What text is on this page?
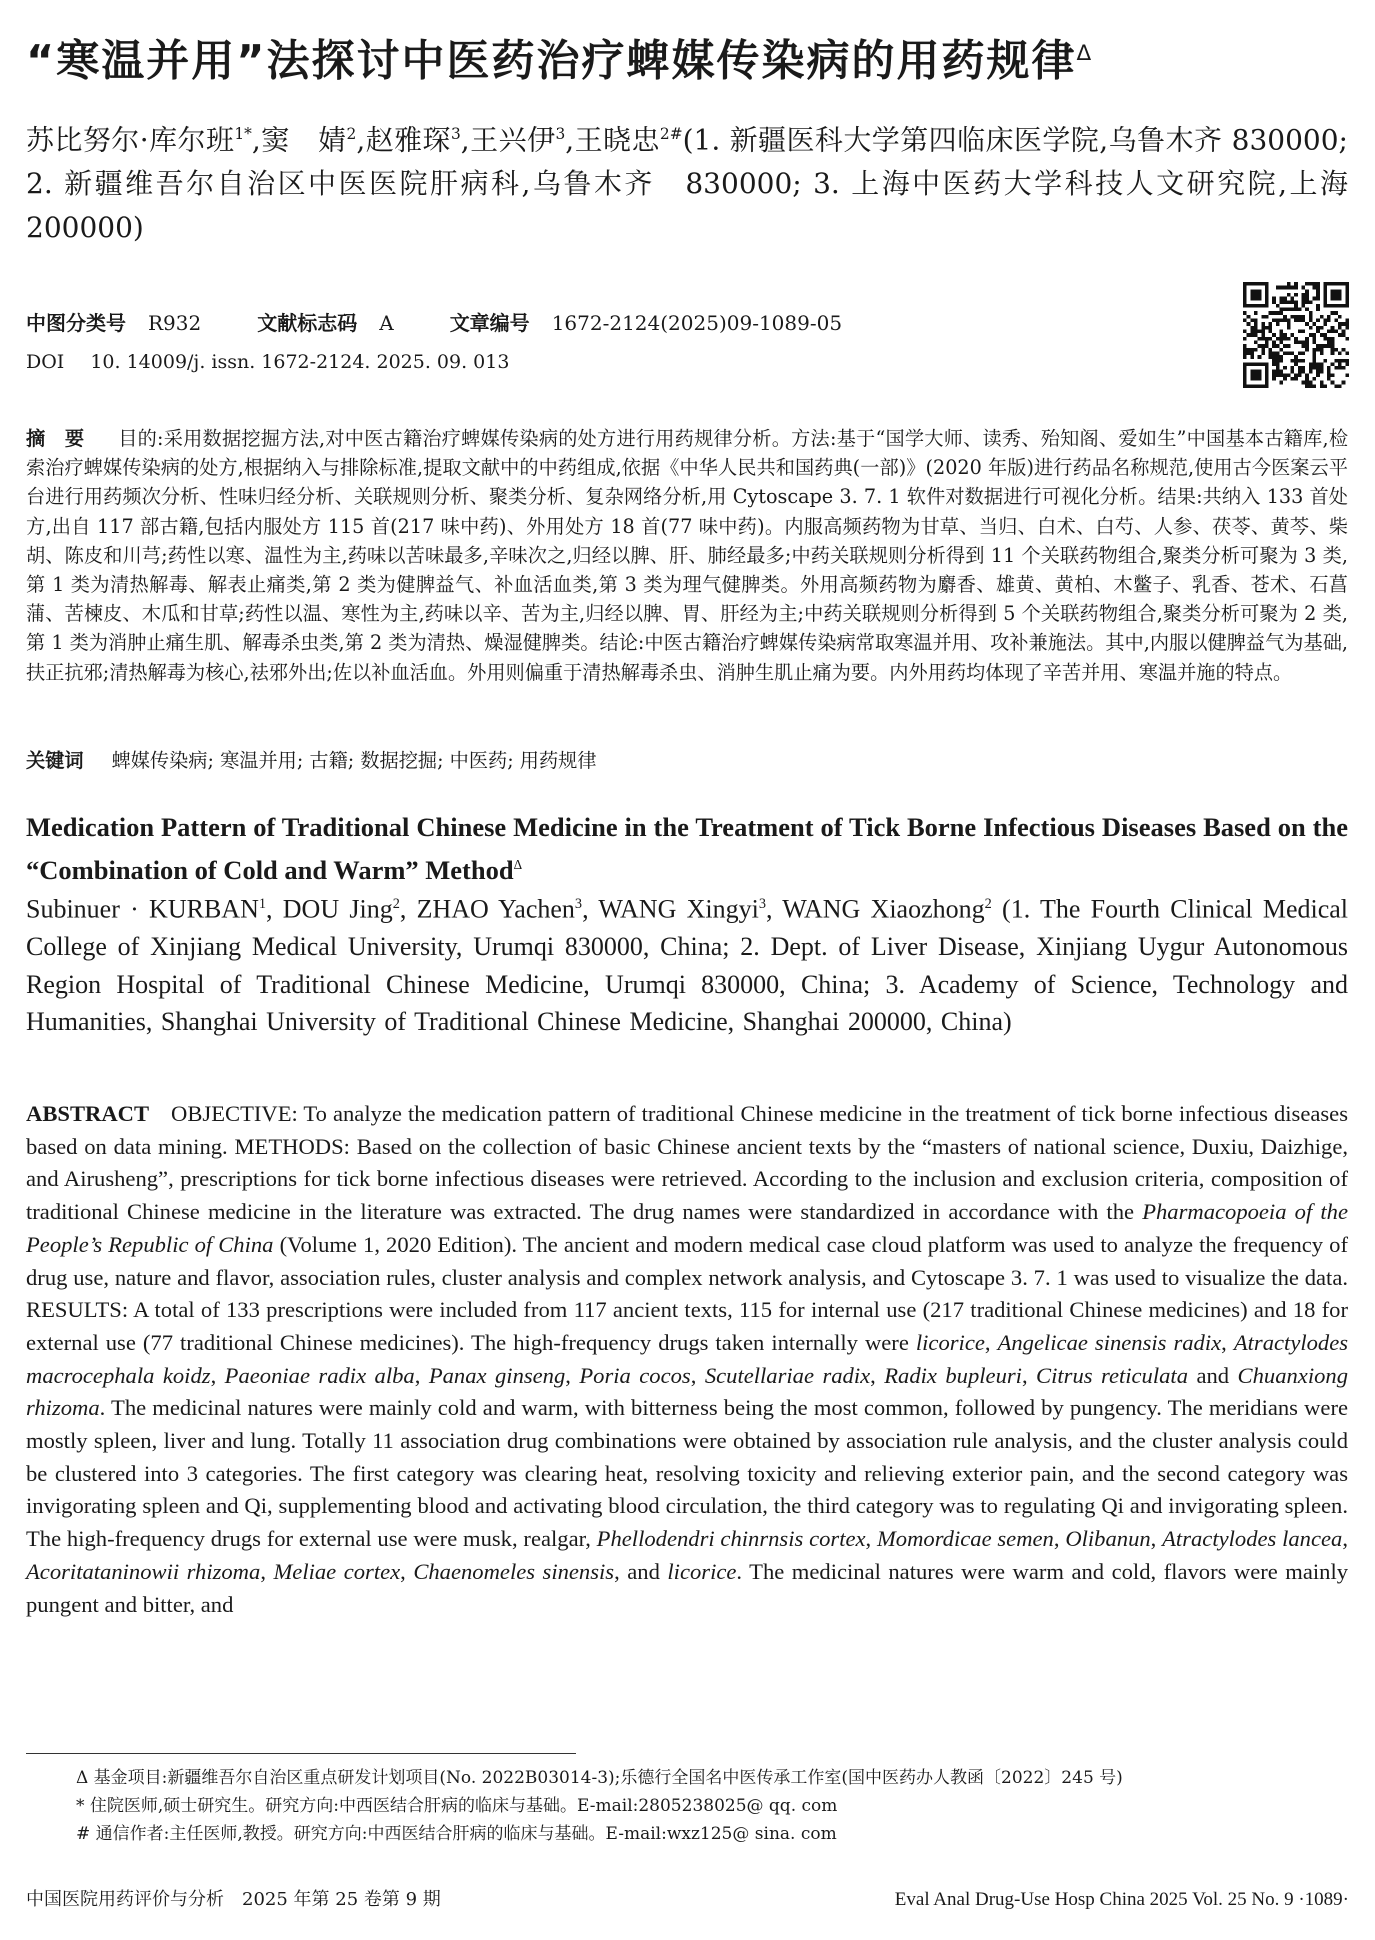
“寒温并用”法探讨中医药治疗蜱媒传染病的用药规律$^\Delta$
苏比努尔·库尔班$^{1*}$,窦　婧$^2$,赵雅琛$^3$,王兴伊$^3$,王晓忠$^{2\#}$(1. 新疆医科大学第四临床医学院,乌鲁木齐 830000; 2. 新疆维吾尔自治区中医医院肝病科,乌鲁木齐　830000; 3. 上海中医药大学科技人文研究院,上海 200000)
中图分类号 R932	文献标志码 A	文章编号 1672-2124(2025)09-1089-05
DOI 10. 14009/j. issn. 1672-2124. 2025. 09. 013

摘　要 目的:采用数据挖掘方法,对中医古籍治疗蜱媒传染病的处方进行用药规律分析。方法:基于“国学大师、读秀、殆知阁、爱如生”中国基本古籍库,检索治疗蜱媒传染病的处方,根据纳入与排除标准,提取文献中的中药组成,依据《中华人民共和国药典(一部)》(2020 年版)进行药品名称规范,使用古今医案云平台进行用药频次分析、性味归经分析、关联规则分析、聚类分析、复杂网络分析,用 Cytoscape 3. 7. 1 软件对数据进行可视化分析。结果:共纳入 133 首处方,出自 117 部古籍,包括内服处方 115 首(217 味中药)、外用处方 18 首(77 味中药)。内服高频药物为甘草、当归、白术、白芍、人参、茯苓、黄芩、柴胡、陈皮和川芎;药性以寒、温性为主,药味以苦味最多,辛味次之,归经以脾、肝、肺经最多;中药关联规则分析得到 11 个关联药物组合,聚类分析可聚为 3 类,第 1 类为清热解毒、解表止痛类,第 2 类为健脾益气、补血活血类,第 3 类为理气健脾类。外用高频药物为麝香、雄黄、黄柏、木鳖子、乳香、苍术、石菖蒲、苦楝皮、木瓜和甘草;药性以温、寒性为主,药味以辛、苦为主,归经以脾、胃、肝经为主;中药关联规则分析得到 5 个关联药物组合,聚类分析可聚为 2 类,第 1 类为消肿止痛生肌、解毒杀虫类,第 2 类为清热、燥湿健脾类。结论:中医古籍治疗蜱媒传染病常取寒温并用、攻补兼施法。其中,内服以健脾益气为基础,扶正抗邪;清热解毒为核心,祛邪外出;佐以补血活血。外用则偏重于清热解毒杀虫、消肿生肌止痛为要。内外用药均体现了辛苦并用、寒温并施的特点。

关键词 蜱媒传染病; 寒温并用; 古籍; 数据挖掘; 中医药; 用药规律
Medication Pattern of Traditional Chinese Medicine in the Treatment of Tick Borne Infectious Diseases Based on the “Combination of Cold and Warm” Method$^\Delta$
Subinuer · $KURBAN^1$, DOU Jing$^2$, ZHAO Yachen$^3$, WANG Xingyi$^3$, WANG Xiaozhong$^2$ (1. The Fourth Clinical Medical College of Xinjiang Medical University, Urumqi 830000, China; 2. Dept. of Liver Disease, Xinjiang Uygur Autonomous Region Hospital of Traditional Chinese Medicine, Urumqi 830000, China; 3. Academy of Science, Technology and Humanities, Shanghai University of Traditional Chinese Medicine, Shanghai 200000, China)

ABSTRACT OBJECTIVE: To analyze the medication pattern of traditional Chinese medicine in the treatment of tick borne infectious diseases based on data mining. METHODS: Based on the collection of basic Chinese ancient texts by the “masters of national science, Duxiu, Daizhige, and Airusheng”, prescriptions for tick borne infectious diseases were retrieved. According to the inclusion and exclusion criteria, composition of traditional Chinese medicine in the literature was extracted. The drug names were standardized in accordance with the Pharmacopoeia of the People’s Republic of China (Volume 1, 2020 Edition). The ancient and modern medical case cloud platform was used to analyze the frequency of drug use, nature and flavor, association rules, cluster analysis and complex network analysis, and Cytoscape 3. 7. 1 was used to visualize the data. RESULTS: A total of 133 prescriptions were included from 117 ancient texts, 115 for internal use (217 traditional Chinese medicines) and 18 for external use (77 traditional Chinese medicines). The high-frequency drugs taken internally were licorice, Angelicae sinensis radix, Atractylodes macrocephala koidz, Paeoniae radix alba, Panax ginseng, Poria cocos, Scutellariae radix, Radix bupleuri, Citrus reticulata and Chuanxiong rhizoma. The medicinal natures were mainly cold and warm, with bitterness being the most common, followed by pungency. The meridians were mostly spleen, liver and lung. Totally 11 association drug combinations were obtained by association rule analysis, and the cluster analysis could be clustered into 3 categories. The first category was clearing heat, resolving toxicity and relieving exterior pain, and the second category was invigorating spleen and Qi, supplementing blood and activating blood circulation, the third category was to regulating Qi and invigorating spleen. The high-frequency drugs for external use were musk, realgar, Phellodendri chinrnsis cortex, Momordicae semen, Olibanun, Atractylodes lancea, Acoritataninowii rhizoma, Meliae cortex, Chaenomeles sinensis, and licorice. The medicinal natures were warm and cold, flavors were mainly pungent and bitter, and

Δ 基金项目:新疆维吾尔自治区重点研发计划项目(No. 2022B03014-3);乐德行全国名中医传承工作室(国中医药办人教函〔2022〕245 号)
* 住院医师,硕士研究生。研究方向:中西医结合肝病的临床与基础。E-mail:2805238025@ qq. com
# 通信作者:主任医师,教授。研究方向:中西医结合肝病的临床与基础。E-mail:wxz125@ sina. com
中国医院用药评价与分析　2025 年第 25 卷第 9 期	Eval Anal Drug-Use Hosp China 2025 Vol. 25 No. 9 ·1089·
